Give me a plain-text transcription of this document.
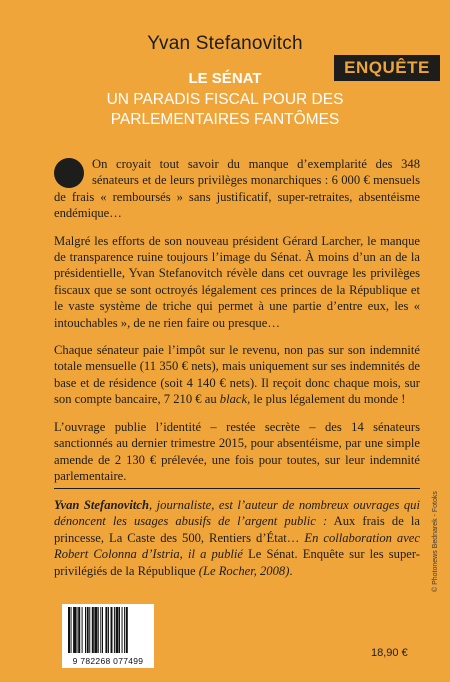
Yvan Stefanovitch
ENQUÊTE
LE SÉNAT
UN PARADIS FISCAL POUR DES
PARLEMENTAIRES FANTÔMES

On croyait tout savoir du manque d’exemplarité des 348 sénateurs et de leurs privilèges monarchiques : 6 000 € mensuels de frais « remboursés » sans justificatif, super-retraites, absentéisme endémique…

Malgré les efforts de son nouveau président Gérard Larcher, le manque de transparence ruine toujours l’image du Sénat. À moins d’un an de la présidentielle, Yvan Stefanovitch révèle dans cet ouvrage les privilèges fiscaux que se sont octroyés légalement ces princes de la République et le vaste système de triche qui permet à une partie d’entre eux, les « intouchables », de ne rien faire ou presque…

Chaque sénateur paie l’impôt sur le revenu, non pas sur son indemnité totale mensuelle (11 350 € nets), mais uniquement sur ses indemnités de base et de résidence (soit 4 140 € nets). Il reçoit donc chaque mois, sur son compte bancaire, 7 210 € au black, le plus légalement du monde !

L’ouvrage publie l’identité – restée secrète – des 14 sénateurs sanctionnés au dernier trimestre 2015, pour absentéisme, par une simple amende de 2 130 € prélevée, une fois pour toutes, sur leur indemnité parlementaire.

Yvan Stefanovitch, journaliste, est l’auteur de nombreux ouvrages qui dénoncent les usages abusifs de l’argent public : Aux frais de la princesse, La Caste des 500, Rentiers d’État… En collaboration avec Robert Colonna d’Istria, il a publié Le Sénat. Enquête sur les super-privilégiés de la République (Le Rocher, 2008).
9 782268 077499
18,90 €
© Photonews Bednarek - Fotoks
